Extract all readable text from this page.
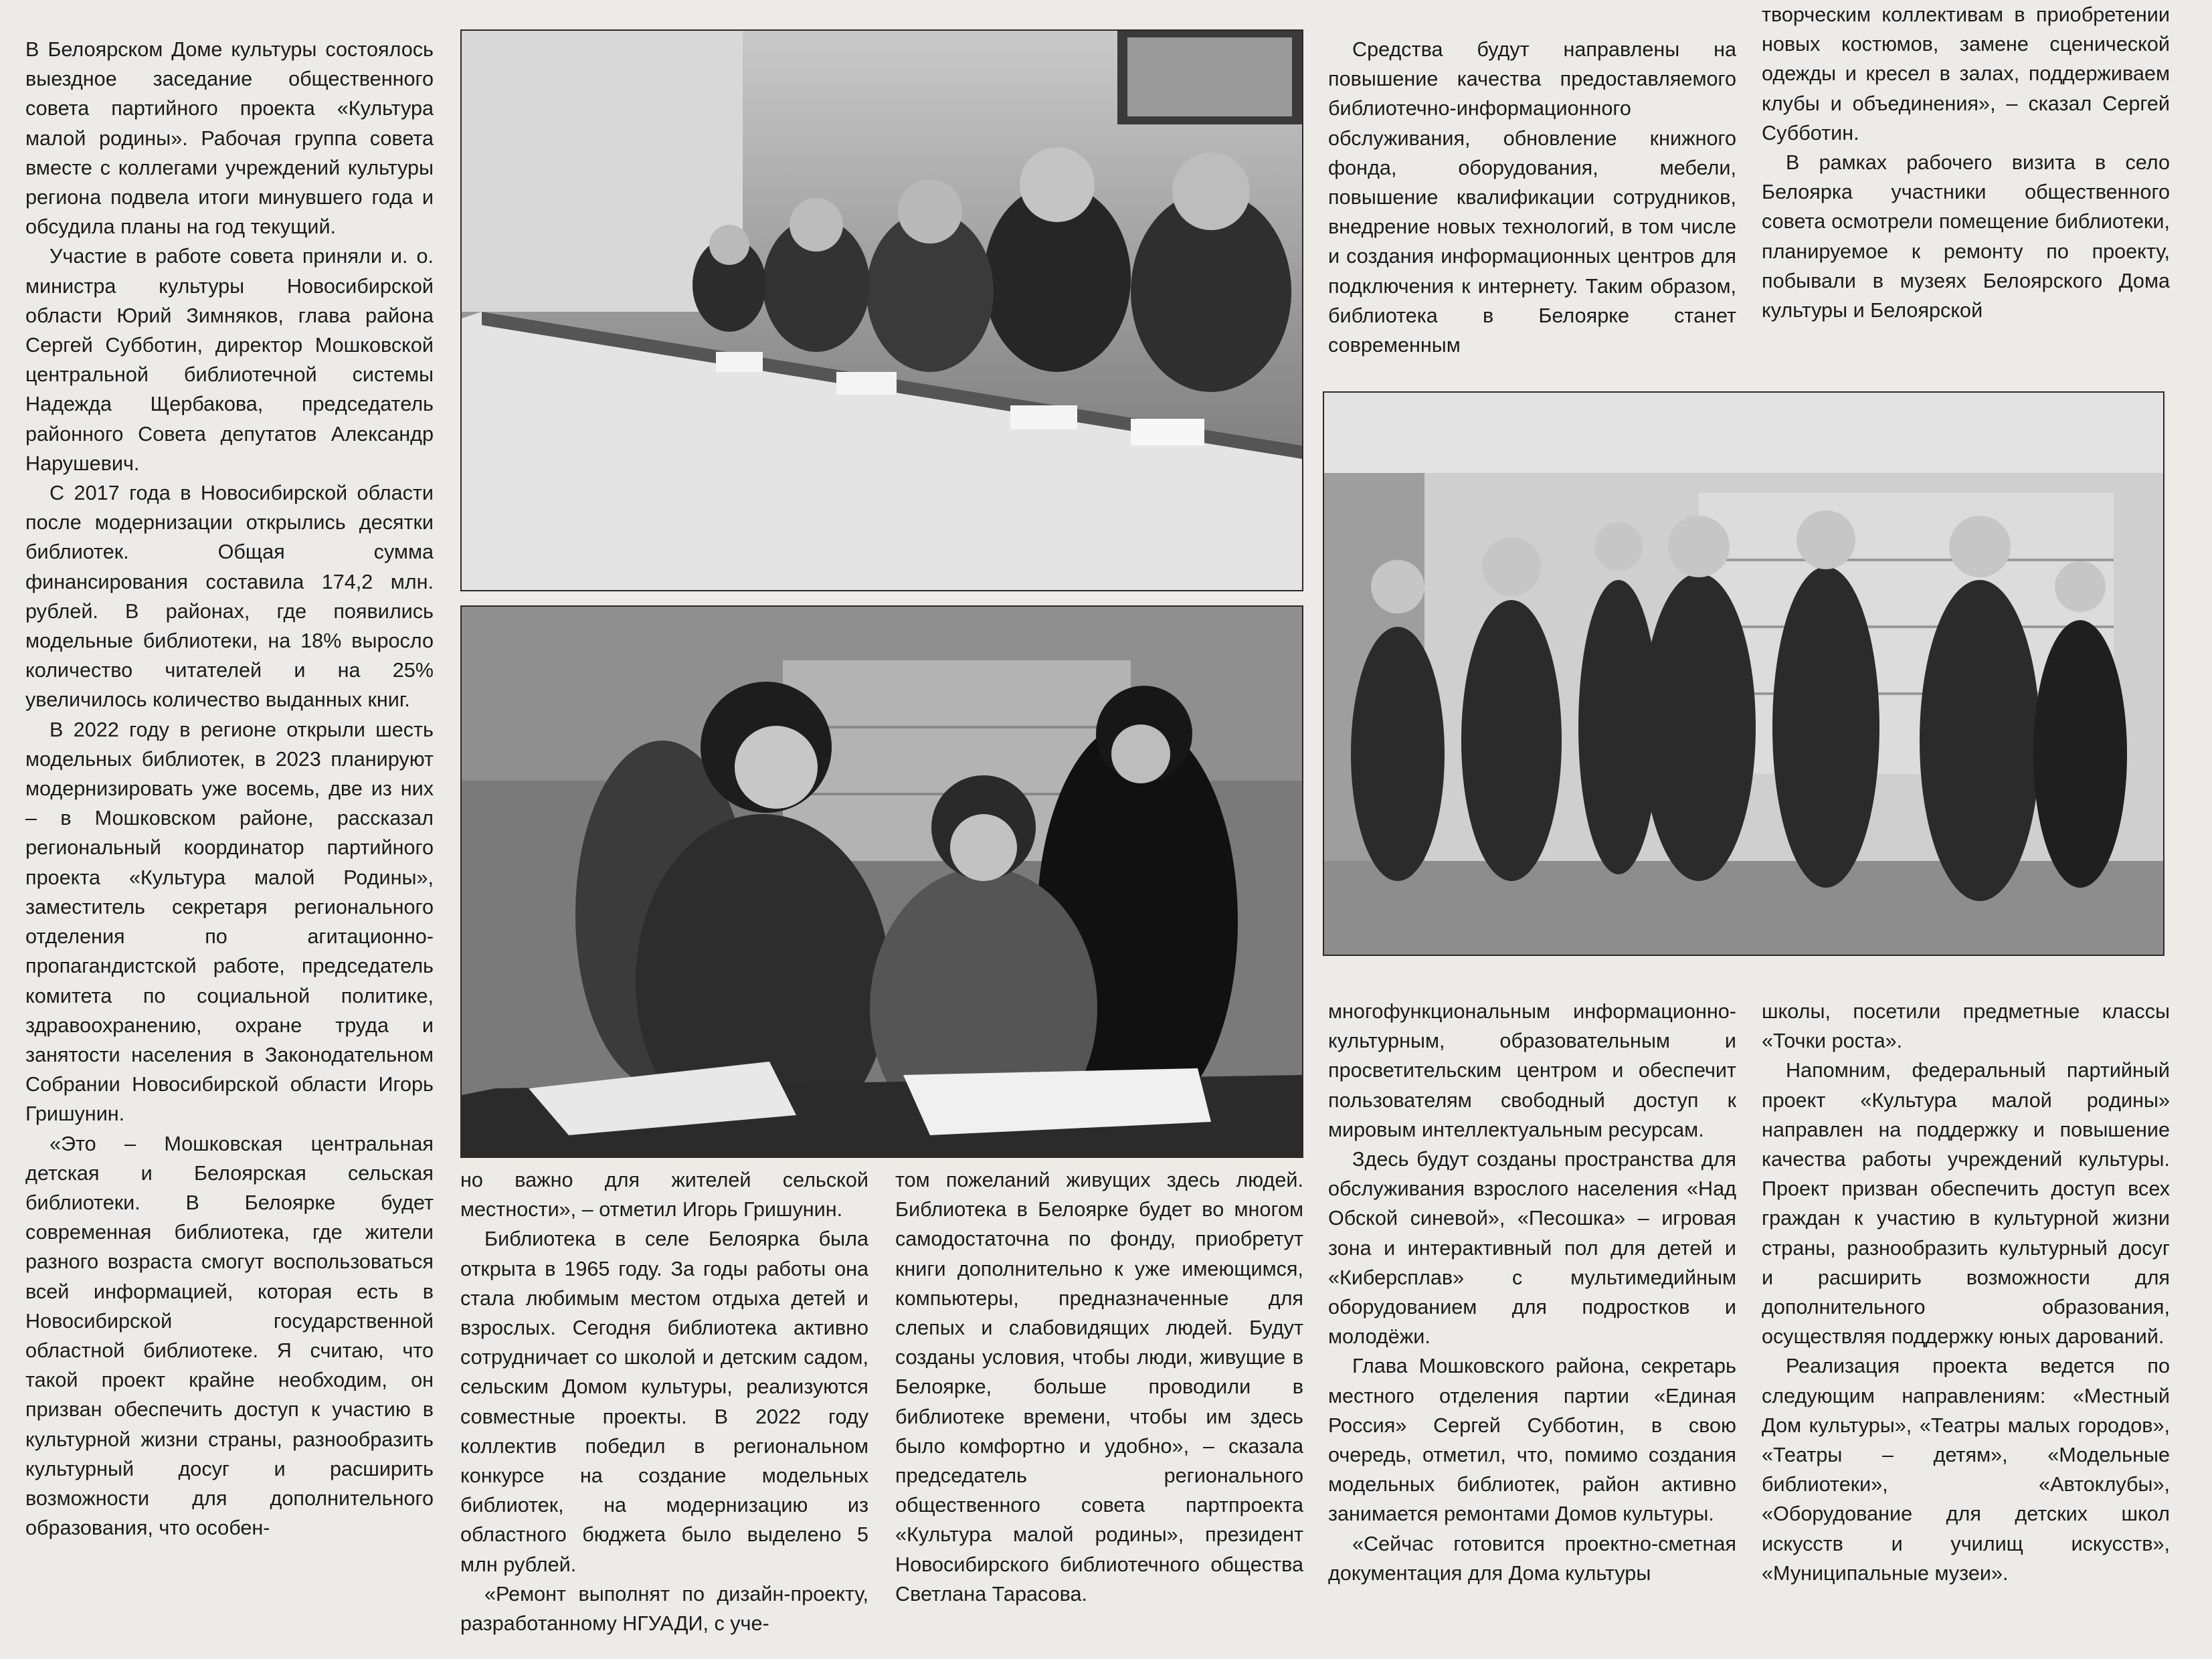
В Белоярском Доме культуры состоялось выездное заседание общественного совета партийного проекта «Культура малой родины». Рабочая группа совета вместе с коллегами учреждений культуры региона подвела итоги минувшего года и обсудила планы на год текущий.

Участие в работе совета приняли и. о. министра культуры Новосибирской области Юрий Зимняков, глава района Сергей Субботин, директор Мошковской центральной библиотечной системы Надежда Щербакова, председатель районного Совета депутатов Александр Нарушевич.

С 2017 года в Новосибирской области после модернизации открылись десятки библиотек. Общая сумма финансирования составила 174,2 млн. рублей. В районах, где появились модельные библиотеки, на 18% выросло количество читателей и на 25% увеличилось количество выданных книг.

В 2022 году в регионе открыли шесть модельных библиотек, в 2023 планируют модернизировать уже восемь, две из них – в Мошковском районе, рассказал региональный координатор партийного проекта «Культура малой Родины», заместитель секретаря регионального отделения по агитационно-пропагандистской работе, председатель комитета по социальной политике, здравоохранению, охране труда и занятости населения в Законодательном Собрании Новосибирской области Игорь Гришунин.

«Это – Мошковская центральная детская и Белоярская сельская библиотеки. В Белоярке будет современная библиотека, где жители разного возраста смогут воспользоваться всей информацией, которая есть в Новосибирской государственной областной библиотеке. Я считаю, что такой проект крайне необходим, он призван обеспечить доступ к участию в культурной жизни страны, разнообразить культурный досуг и расширить возможности для дополнительного образования, что особен-

но важно для жителей сельской местности», – отметил Игорь Гришунин.

Библиотека в селе Белоярка была открыта в 1965 году. За годы работы она стала любимым местом отдыха детей и взрослых. Сегодня библиотека активно сотрудничает со школой и детским садом, сельским Домом культуры, реализуются совместные проекты. В 2022 году коллектив победил в региональном конкурсе на создание модельных библиотек, на модернизацию из областного бюджета было выделено 5 млн рублей.

«Ремонт выполнят по дизайн-проекту, разработанному НГУАДИ, с уче-

том пожеланий живущих здесь людей. Библиотека в Белоярке будет во многом самодостаточна по фонду, приобретут книги дополнительно к уже имеющимся, компьютеры, предназначенные для слепых и слабовидящих людей. Будут созданы условия, чтобы люди, живущие в Белоярке, больше проводили в библиотеке времени, чтобы им здесь было комфортно и удобно», – сказала председатель регионального общественного совета партпроекта «Культура малой родины», президент Новосибирского библиотечного общества Светлана Тарасова.

Средства будут направлены на повышение качества предоставляемого библиотечно-информационного обслуживания, обновление книжного фонда, оборудования, мебели, повышение квалификации сотрудников, внедрение новых технологий, в том числе и создания информационных центров для подключения к интернету. Таким образом, библиотека в Белоярке станет современным

творческим коллективам в приобретении новых костюмов, замене сценической одежды и кресел в залах, поддерживаем клубы и объединения», – сказал Сергей Субботин.

В рамках рабочего визита в село Белоярка участники общественного совета осмотрели помещение библиотеки, планируемое к ремонту по проекту, побывали в музеях Белоярского Дома культуры и Белоярской

многофункциональным информационно-культурным, образовательным и просветительским центром и обеспечит пользователям свободный доступ к мировым интеллектуальным ресурсам.

Здесь будут созданы пространства для обслуживания взрослого населения «Над Обской синевой», «Песошка» – игровая зона и интерактивный пол для детей и «Киберсплав» с мультимедийным оборудованием для подростков и молодёжи.

Глава Мошковского района, секретарь местного отделения партии «Единая Россия» Сергей Субботин, в свою очередь, отметил, что, помимо создания модельных библиотек, район активно занимается ремонтами Домов культуры.

«Сейчас готовится проектно-сметная документация для Дома культуры

школы, посетили предметные классы «Точки роста».

Напомним, федеральный партийный проект «Культура малой родины» направлен на поддержку и повышение качества работы учреждений культуры. Проект призван обеспечить доступ всех граждан к участию в культурной жизни страны, разнообразить культурный досуг и расширить возможности для дополнительного образования, осуществляя поддержку юных дарований.

Реализация проекта ведется по следующим направлениям: «Местный Дом культуры», «Театры малых городов», «Театры – детям», «Модельные библиотеки», «Автоклубы», «Оборудование для детских школ искусств и училищ искусств», «Муниципальные музеи».
